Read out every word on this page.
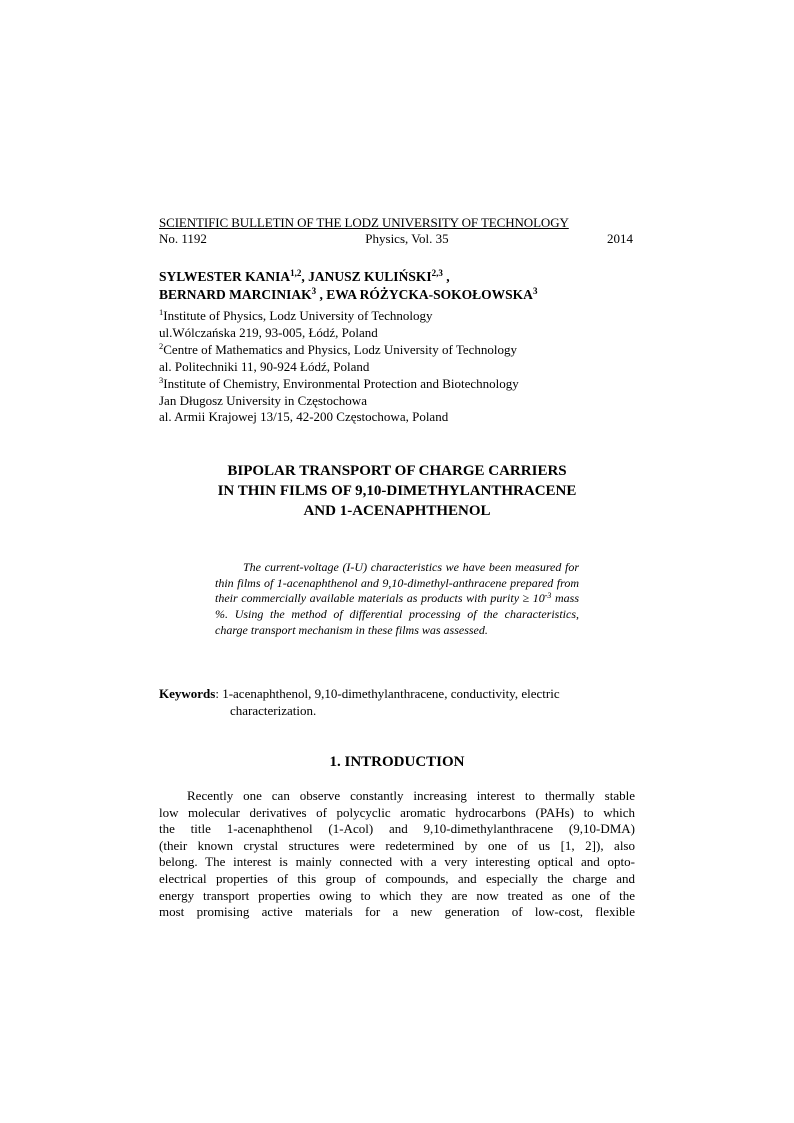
SCIENTIFIC BULLETIN OF THE LODZ UNIVERSITY OF TECHNOLOGY
No. 1192	Physics, Vol. 35	2014
SYLWESTER KANIA$^{1,2}$, JANUSZ KULIŃSKI$^{2,3}$ ,
BERNARD MARCINIAK$^3$ , EWA RÓŻYCKA-SOKOŁOWSKA$^3$
$^1$Institute of Physics, Lodz University of Technology
ul.Wólczańska 219, 93-005, Łódź, Poland
$^2$Centre of Mathematics and Physics, Lodz University of Technology
al. Politechniki 11, 90-924 Łódź, Poland
$^3$Institute of Chemistry, Environmental Protection and Biotechnology
Jan Długosz University in Częstochowa
al. Armii Krajowej 13/15, 42-200 Częstochowa, Poland
BIPOLAR TRANSPORT OF CHARGE CARRIERS
IN THIN FILMS OF 9,10-DIMETHYLANTHRACENE
AND 1-ACENAPHTHENOL
The current-voltage (I-U) characteristics we have been measured for thin films of 1-acenaphthenol and 9,10-dimethyl-anthracene prepared from their commercially available materials as products with purity ≥ $10^{-3}$ mass %. Using the method of differential processing of the characteristics, charge transport mechanism in these films was assessed.
Keywords: 1-acenaphthenol, 9,10-dimethylanthracene, conductivity, electric
characterization.
1. INTRODUCTION
Recently one can observe constantly increasing interest to thermally stable
low molecular derivatives of polycyclic aromatic hydrocarbons (PAHs) to which
the title 1-acenaphthenol (1-Acol) and 9,10-dimethylanthracene (9,10-DMA)
(their known crystal structures were redetermined by one of us [1, 2]), also
belong. The interest is mainly connected with a very interesting optical and opto-
electrical properties of this group of compounds, and especially the charge and
energy transport properties owing to which they are now treated as one of the
most promising active materials for a new generation of low-cost, flexible
